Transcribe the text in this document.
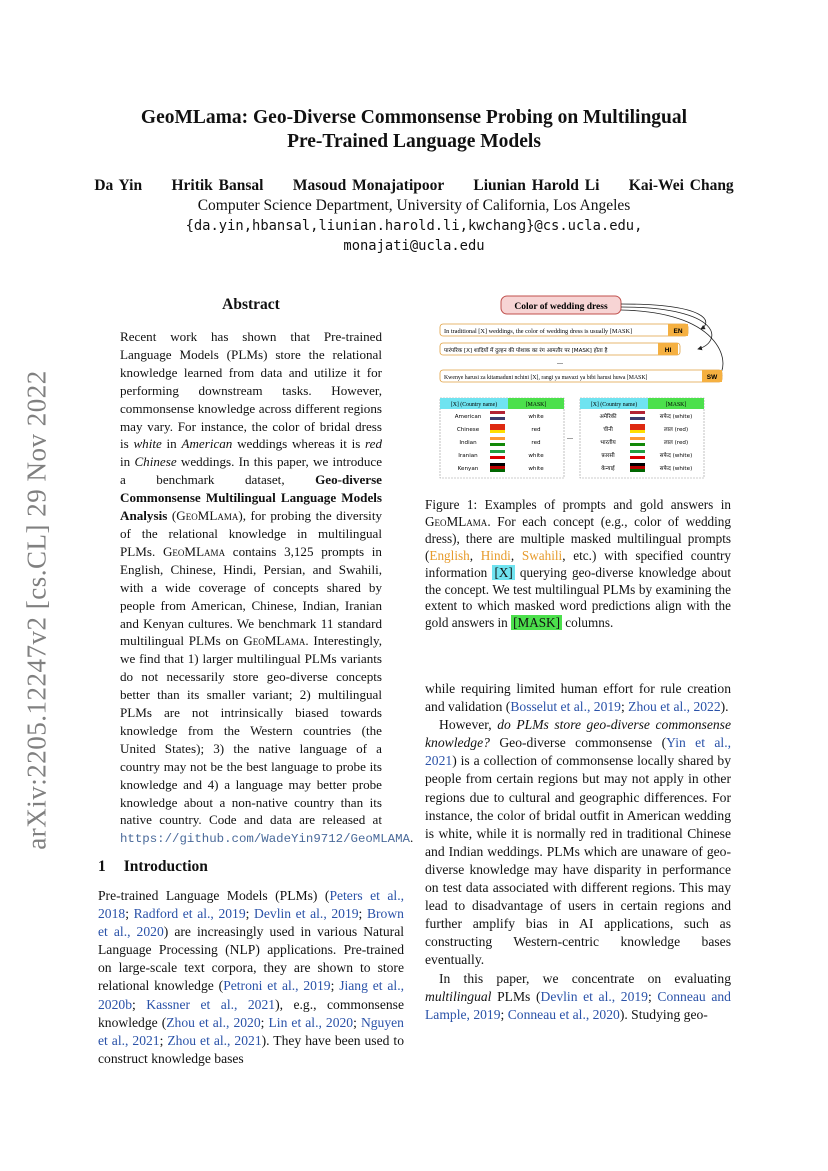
arXiv:2205.12247v2 [cs.CL] 29 Nov 2022
GeoMLama: Geo-Diverse Commonsense Probing on Multilingual
Pre-Trained Language Models
Da Yin     Hritik Bansal     Masoud Monajatipoor     Liunian Harold Li     Kai-Wei Chang
Computer Science Department, University of California, Los Angeles
{da.yin,hbansal,liunian.harold.li,kwchang}@cs.ucla.edu,
monajati@ucla.edu
Abstract
Recent work has shown that Pre-trained Language Models (PLMs) store the relational knowledge learned from data and utilize it for performing downstream tasks. However, commonsense knowledge across different regions may vary. For instance, the color of bridal dress is white in American weddings whereas it is red in Chinese weddings. In this paper, we introduce a benchmark dataset, Geo-diverse Commonsense Multilingual Language Models Analysis (GeoMLama), for probing the diversity of the relational knowledge in multilingual PLMs. GeoMLama contains 3,125 prompts in English, Chinese, Hindi, Persian, and Swahili, with a wide coverage of concepts shared by people from American, Chinese, Indian, Iranian and Kenyan cultures. We benchmark 11 standard multilingual PLMs on GeoMLama. Interestingly, we find that 1) larger multilingual PLMs variants do not necessarily store geo-diverse concepts better than its smaller variant; 2) multilingual PLMs are not intrinsically biased towards knowledge from the Western countries (the United States); 3) the native language of a country may not be the best language to probe its knowledge and 4) a language may better probe knowledge about a non-native country than its native country. Code and data are released at https://github.com/WadeYin9712/GeoMLAMA.
Color of wedding dress
In traditional [X] weddings, the color of wedding dress is usually [MASK]	EN
पारंपरिक [X] शादियों में दुल्हन की पोशाक का रंग आमतौर पर [MASK] होता है	HI
...
Kwenye harusi za kitamaduni nchini [X], rangi ya mavazi ya bibi harusi huwa [MASK]	SW
[X] (Country name)	[MASK]
American	white
Chinese	red
Indian	red
Iranian	white
Kenyan	white
...
[X] (Country name)	[MASK]
अमेरिकी	सफेद (white)
चीनी	लाल (red)
भारतीय	लाल (red)
फ़ारसी	सफेद (white)
केन्याई	सफेद (white)
Figure 1: Examples of prompts and gold answers in GeoMLama. For each concept (e.g., color of wedding dress), there are multiple masked multilingual prompts (English, Hindi, Swahili, etc.) with specified country information [X] querying geo-diverse knowledge about the concept. We test multilingual PLMs by examining the extent to which masked word predictions align with the gold answers in [MASK] columns.
1 Introduction
Pre-trained Language Models (PLMs) (Peters et al., 2018; Radford et al., 2019; Devlin et al., 2019; Brown et al., 2020) are increasingly used in various Natural Language Processing (NLP) applications. Pre-trained on large-scale text corpora, they are shown to store relational knowledge (Petroni et al., 2019; Jiang et al., 2020b; Kassner et al., 2021), e.g., commonsense knowledge (Zhou et al., 2020; Lin et al., 2020; Nguyen et al., 2021; Zhou et al., 2021). They have been used to construct knowledge bases

while requiring limited human effort for rule creation and validation (Bosselut et al., 2019; Zhou et al., 2022).

However, do PLMs store geo-diverse commonsense knowledge? Geo-diverse commonsense (Yin et al., 2021) is a collection of commonsense locally shared by people from certain regions but may not apply in other regions due to cultural and geographic differences. For instance, the color of bridal outfit in American wedding is white, while it is normally red in traditional Chinese and Indian weddings. PLMs which are unaware of geo-diverse knowledge may have disparity in performance on test data associated with different regions. This may lead to disadvantage of users in certain regions and further amplify bias in AI applications, such as constructing Western-centric knowledge bases eventually.

In this paper, we concentrate on evaluating multilingual PLMs (Devlin et al., 2019; Conneau and Lample, 2019; Conneau et al., 2020). Studying geo-
